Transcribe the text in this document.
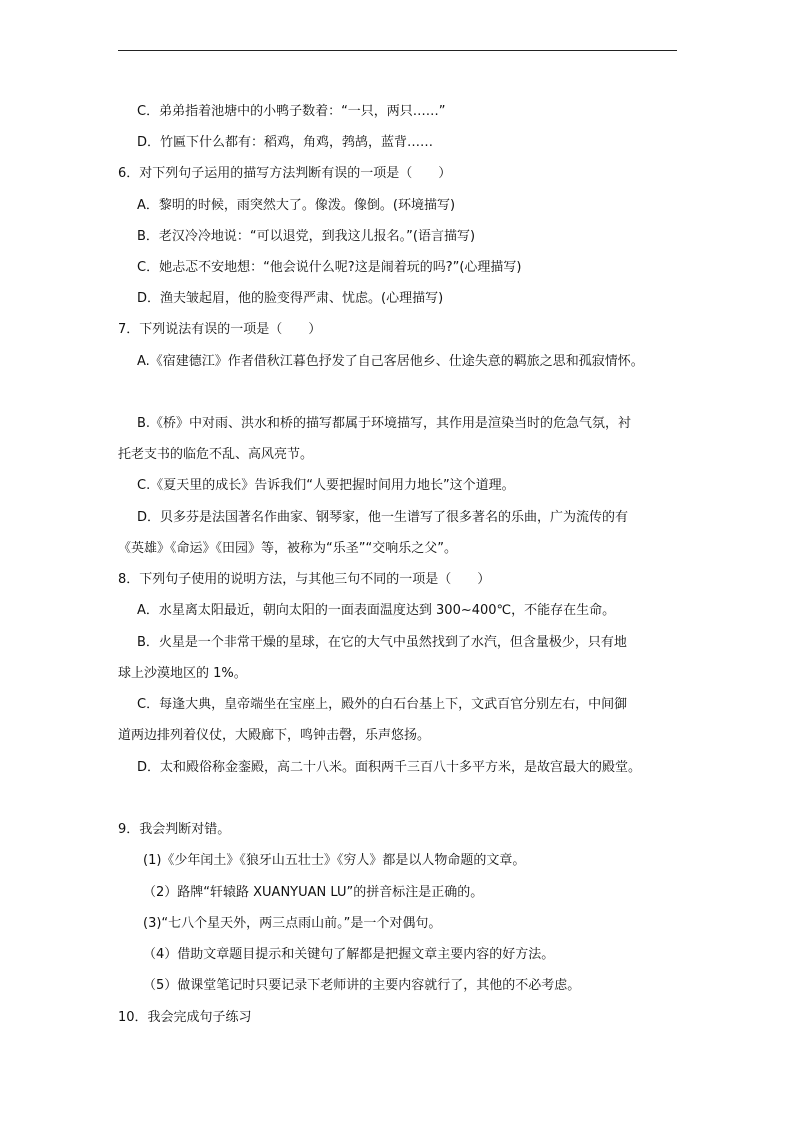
C．弟弟指着池塘中的小鸭子数着：“一只，两只……”
D．竹匾下什么都有：稻鸡，角鸡，鹁鸪，蓝背……
6．对下列句子运用的描写方法判断有误的一项是（　　）
A．黎明的时候，雨突然大了。像泼。像倒。(环境描写)
B．老汉冷冷地说：“可以退党，到我这儿报名。”(语言描写)
C．她忐忑不安地想：“他会说什么呢?这是闹着玩的吗?”(心理描写)
D．渔夫皱起眉，他的脸变得严肃、忧虑。(心理描写)
7．下列说法有误的一项是（　　）
A.《宿建德江》作者借秋江暮色抒发了自己客居他乡、仕途失意的羁旅之思和孤寂情怀。
B.《桥》中对雨、洪水和桥的描写都属于环境描写，其作用是渲染当时的危急气氛，衬
托老支书的临危不乱、高风亮节。
C.《夏天里的成长》告诉我们“人要把握时间用力地长”这个道理。
D．贝多芬是法国著名作曲家、钢琴家，他一生谱写了很多著名的乐曲，广为流传的有
《英雄》《命运》《田园》等，被称为“乐圣”“交响乐之父”。
8．下列句子使用的说明方法，与其他三句不同的一项是（　　）
A．水星离太阳最近，朝向太阳的一面表面温度达到 300~400℃，不能存在生命。
B．火星是一个非常干燥的星球，在它的大气中虽然找到了水汽，但含量极少，只有地
球上沙漠地区的 1%。
C．每逢大典，皇帝端坐在宝座上，殿外的白石台基上下，文武百官分别左右，中间御
道两边排列着仪仗，大殿廊下，鸣钟击磬，乐声悠扬。
D．太和殿俗称金銮殿，高二十八米。面积两千三百八十多平方米，是故宫最大的殿堂。
9．我会判断对错。
(1)《少年闰土》《狼牙山五壮士》《穷人》都是以人物命题的文章。
（2）路牌“轩辕路 XUANYUAN LU”的拼音标注是正确的。
(3)“七八个星天外，两三点雨山前。”是一个对偶句。
（4）借助文章题目提示和关键句了解都是把握文章主要内容的好方法。
（5）做课堂笔记时只要记录下老师讲的主要内容就行了，其他的不必考虑。
10．我会完成句子练习
